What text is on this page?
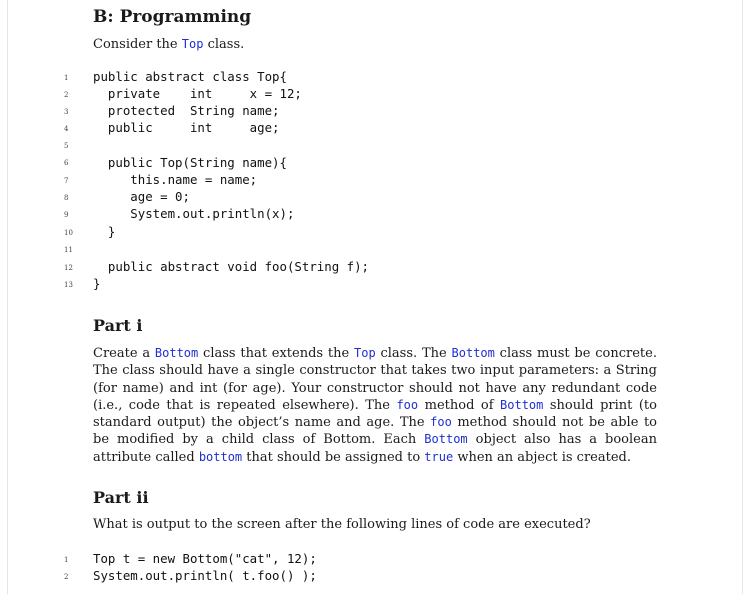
B: Programming
Consider the Top class.
1	public abstract class Top{
2	private    int     x = 12;
3	protected  String name;
4	public     int     age;
5
6	public Top(String name){
7	this.name = name;
8	age = 0;
9	System.out.println(x);
10	}
11
12	public abstract void foo(String f);
13	}
Part i
Create a Bottom class that extends the Top class. The Bottom class must be concrete. The class should have a single constructor that takes two input parameters: a String (for name) and int (for age). Your constructor should not have any redundant code (i.e., code that is repeated elsewhere). The foo method of Bottom should print (to standard output) the object’s name and age. The foo method should not be able to be modified by a child class of Bottom. Each Bottom object also has a boolean attribute called bottom that should be assigned to true when an abject is created.
Part ii
What is output to the screen after the following lines of code are executed?
1	Top t = new Bottom("cat", 12);
2	System.out.println( t.foo() );
